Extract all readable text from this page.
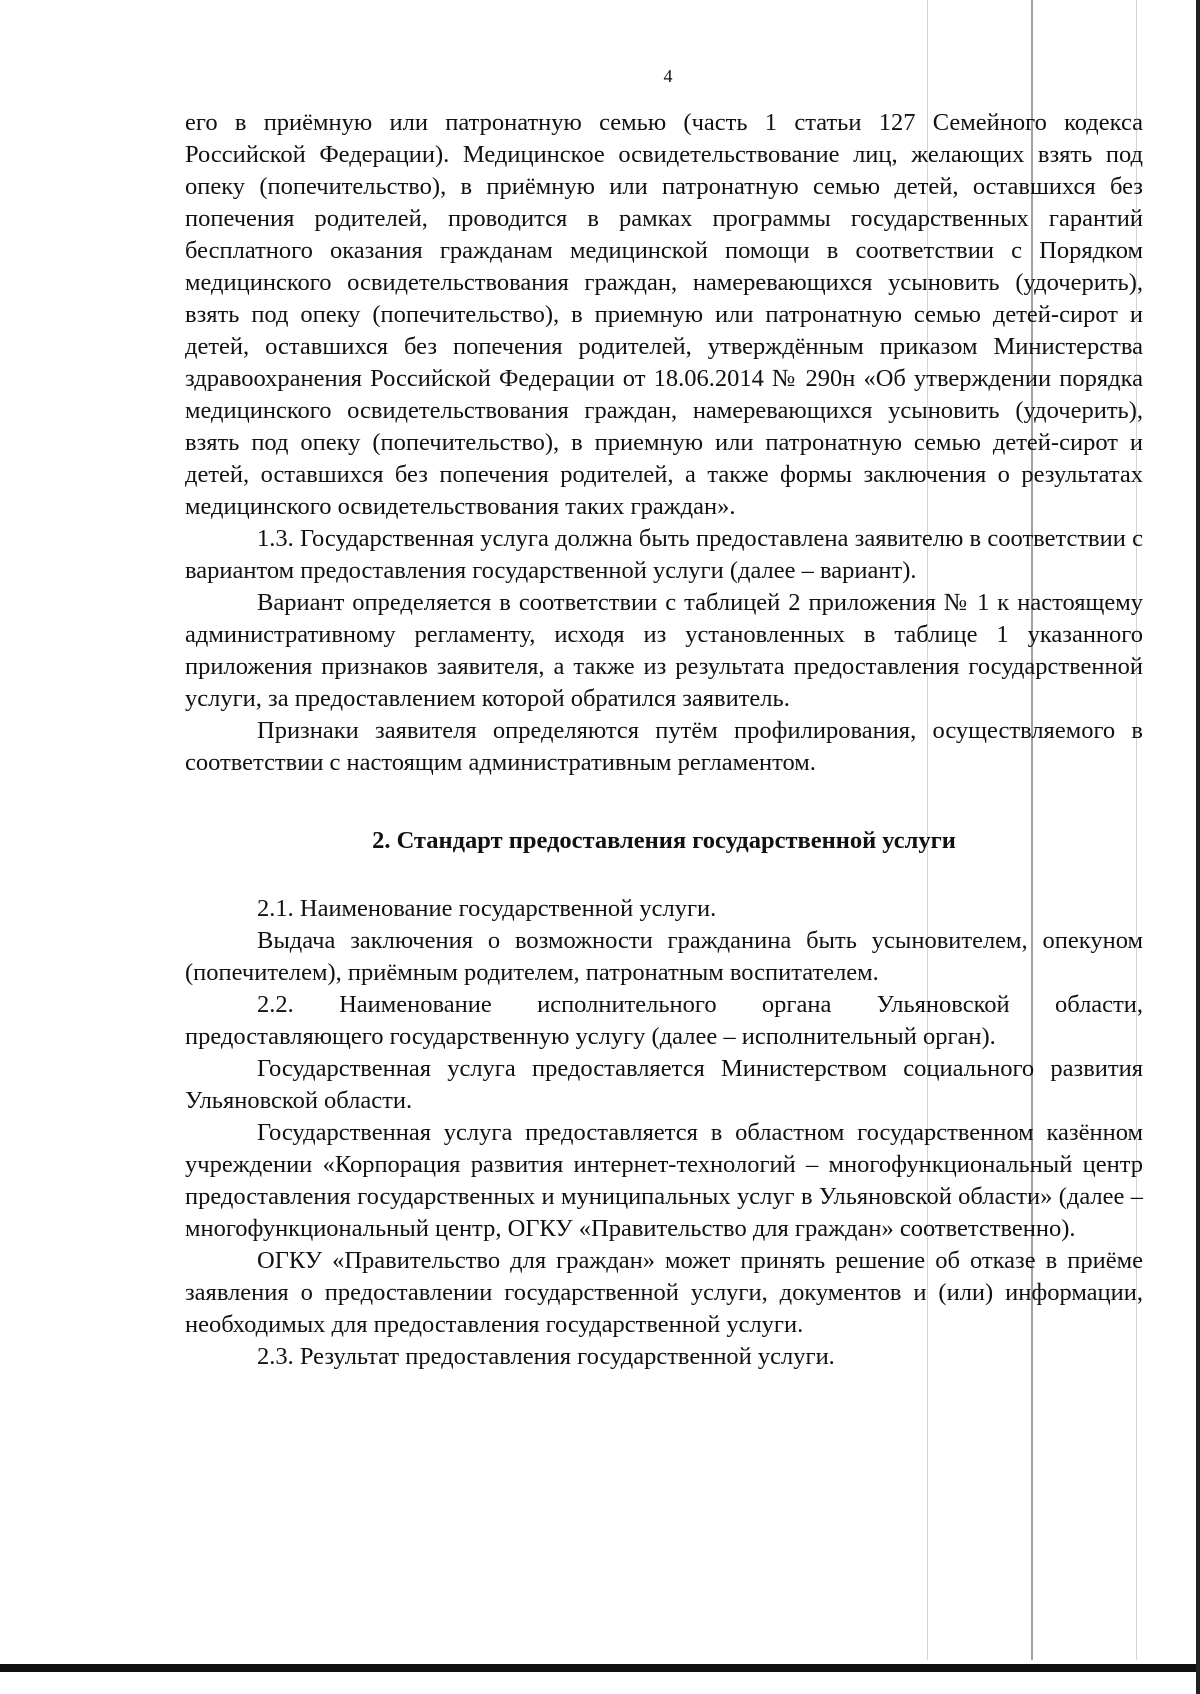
4

его в приёмную или патронатную семью (часть 1 статьи 127 Семейного кодекса Российской Федерации). Медицинское освидетельствование лиц, желающих взять под опеку (попечительство), в приёмную или патронатную семью детей, оставшихся без попечения родителей, проводится в рамках программы государственных гарантий бесплатного оказания гражданам медицинской помощи в соответствии с Порядком медицинского освидетельствования граждан, намеревающихся усыновить (удочерить), взять под опеку (попечительство), в приемную или патронатную семью детей-сирот и детей, оставшихся без попечения родителей, утверждённым приказом Министерства здравоохранения Российской Федерации от 18.06.2014 № 290н «Об утверждении порядка медицинского освидетельствования граждан, намеревающихся усыновить (удочерить), взять под опеку (попечительство), в приемную или патронатную семью детей-сирот и детей, оставшихся без попечения родителей, а также формы заключения о результатах медицинского освидетельствования таких граждан».

1.3. Государственная услуга должна быть предоставлена заявителю в соответствии с вариантом предоставления государственной услуги (далее – вариант).

Вариант определяется в соответствии с таблицей 2 приложения № 1 к настоящему административному регламенту, исходя из установленных в таблице 1 указанного приложения признаков заявителя, а также из результата предоставления государственной услуги, за предоставлением которой обратился заявитель.

Признаки заявителя определяются путём профилирования, осуществляемого в соответствии с настоящим административным регламентом.

2. Стандарт предоставления государственной услуги

2.1. Наименование государственной услуги.

Выдача заключения о возможности гражданина быть усыновителем, опекуном (попечителем), приёмным родителем, патронатным воспитателем.

2.2. Наименование исполнительного органа Ульяновской области, предоставляющего государственную услугу (далее – исполнительный орган).

Государственная услуга предоставляется Министерством социального развития Ульяновской области.

Государственная услуга предоставляется в областном государственном казённом учреждении «Корпорация развития интернет-технологий – многофункциональный центр предоставления государственных и муниципальных услуг в Ульяновской области» (далее – многофункциональный центр, ОГКУ «Правительство для граждан» соответственно).

ОГКУ «Правительство для граждан» может принять решение об отказе в приёме заявления о предоставлении государственной услуги, документов и (или) информации, необходимых для предоставления государственной услуги.

2.3. Результат предоставления государственной услуги.
